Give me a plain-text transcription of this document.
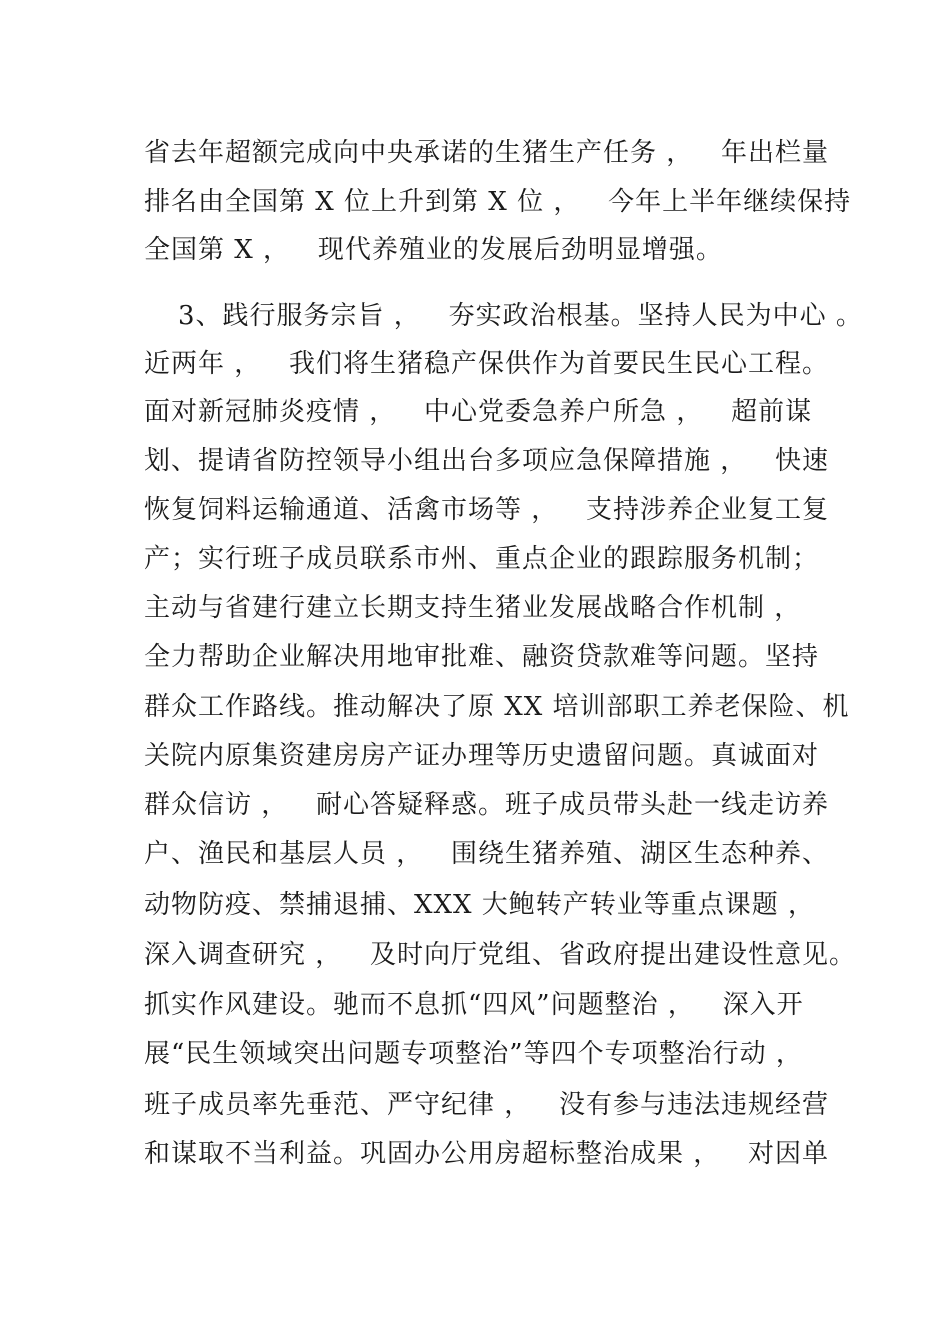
省去年超额完成向中央承诺的生猪生产任务 ，   年出栏量
排名由全国第 X 位上升到第 X 位 ，   今年上半年继续保持
全国第 X ，   现代养殖业的发展后劲明显增强。
3、践行服务宗旨 ，   夯实政治根基。坚持人民为中心 。
近两年 ，   我们将生猪稳产保供作为首要民生民心工程。
面对新冠肺炎疫情 ，   中心党委急养户所急 ，   超前谋
划、提请省防控领导小组出台多项应急保障措施 ，   快速
恢复饲料运输通道、活禽市场等 ，   支持涉养企业复工复
产；实行班子成员联系市州、重点企业的跟踪服务机制；
主动与省建行建立长期支持生猪业发展战略合作机制 ，
全力帮助企业解决用地审批难、融资贷款难等问题。坚持
群众工作路线。推动解决了原 XX 培训部职工养老保险、机
关院内原集资建房房产证办理等历史遗留问题。真诚面对
群众信访 ，   耐心答疑释惑。班子成员带头赴一线走访养
户、渔民和基层人员 ，   围绕生猪养殖、湖区生态种养、
动物防疫、禁捕退捕、XXX 大鲍转产转业等重点课题 ，
深入调查研究 ，   及时向厅党组、省政府提出建设性意见。
抓实作风建设。驰而不息抓“四风”问题整治 ，   深入开
展“民生领域突出问题专项整治”等四个专项整治行动 ，
班子成员率先垂范、严守纪律 ，   没有参与违法违规经营
和谋取不当利益。巩固办公用房超标整治成果 ，   对因单
